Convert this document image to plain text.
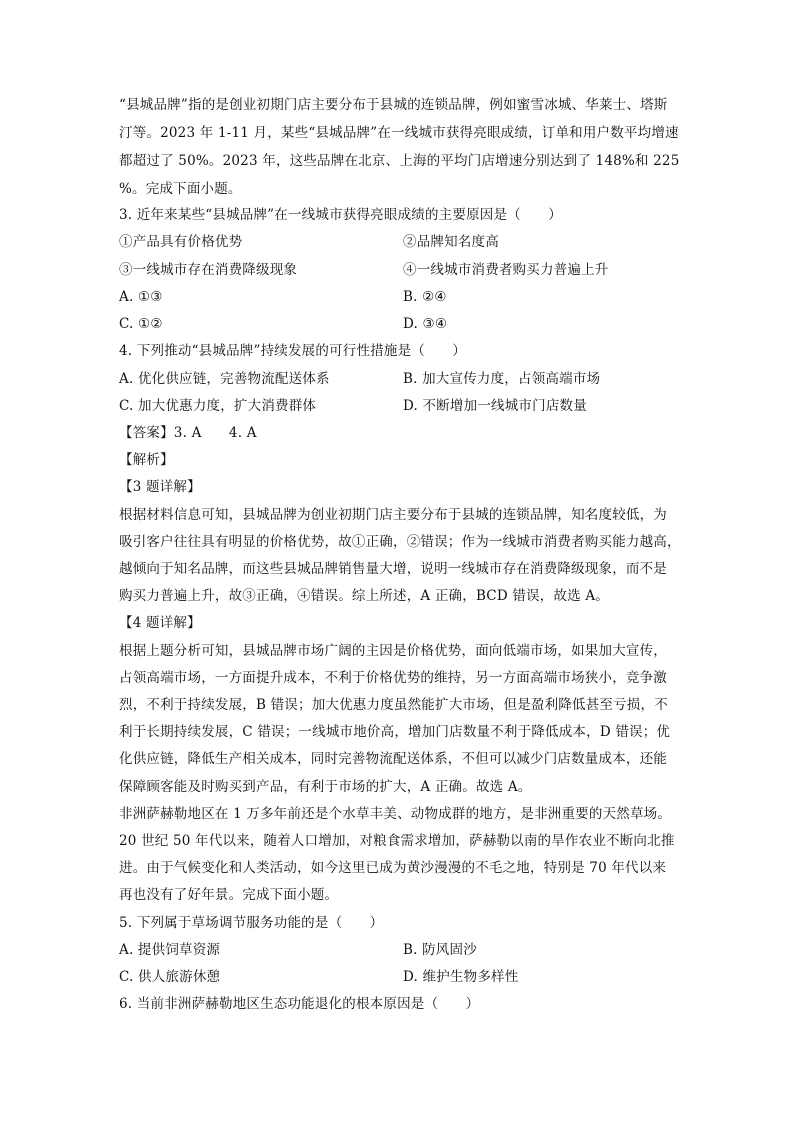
“县城品牌”指的是创业初期门店主要分布于县城的连锁品牌，例如蜜雪冰城、华莱士、塔斯
汀等。2023 年 1-11 月，某些“县城品牌”在一线城市获得亮眼成绩，订单和用户数平均增速
都超过了 50%。2023 年，这些品牌在北京、上海的平均门店增速分别达到了 148%和 225
%。完成下面小题。
3. 近年来某些“县城品牌”在一线城市获得亮眼成绩的主要原因是（　　）
①产品具有价格优势	②品牌知名度高
③一线城市存在消费降级现象	④一线城市消费者购买力普遍上升
A. ①③	B. ②④
C. ①②	D. ③④
4. 下列推动“县城品牌”持续发展的可行性措施是（　　）
A. 优化供应链，完善物流配送体系	B. 加大宣传力度，占领高端市场
C. 加大优惠力度，扩大消费群体	D. 不断增加一线城市门店数量
【答案】3. A　　4. A
【解析】
【3 题详解】
根据材料信息可知，县城品牌为创业初期门店主要分布于县城的连锁品牌，知名度较低，为
吸引客户往往具有明显的价格优势，故①正确，②错误；作为一线城市消费者购买能力越高，
越倾向于知名品牌，而这些县城品牌销售量大增，说明一线城市存在消费降级现象，而不是
购买力普遍上升，故③正确，④错误。综上所述，A 正确，BCD 错误，故选 A。
【4 题详解】
根据上题分析可知，县城品牌市场广阔的主因是价格优势，面向低端市场，如果加大宣传，
占领高端市场，一方面提升成本，不利于价格优势的维持，另一方面高端市场狭小，竞争激
烈，不利于持续发展，B 错误；加大优惠力度虽然能扩大市场，但是盈利降低甚至亏损，不
利于长期持续发展，C 错误；一线城市地价高，增加门店数量不利于降低成本，D 错误；优
化供应链，降低生产相关成本，同时完善物流配送体系，不但可以减少门店数量成本，还能
保障顾客能及时购买到产品，有利于市场的扩大，A 正确。故选 A。
非洲萨赫勒地区在 1 万多年前还是个水草丰美、动物成群的地方，是非洲重要的天然草场。
20 世纪 50 年代以来，随着人口增加，对粮食需求增加，萨赫勒以南的旱作农业不断向北推
进。由于气候变化和人类活动，如今这里已成为黄沙漫漫的不毛之地，特别是 70 年代以来
再也没有了好年景。完成下面小题。
5. 下列属于草场调节服务功能的是（　　）
A. 提供饲草资源	B. 防风固沙
C. 供人旅游休憩	D. 维护生物多样性
6. 当前非洲萨赫勒地区生态功能退化的根本原因是（　　）
